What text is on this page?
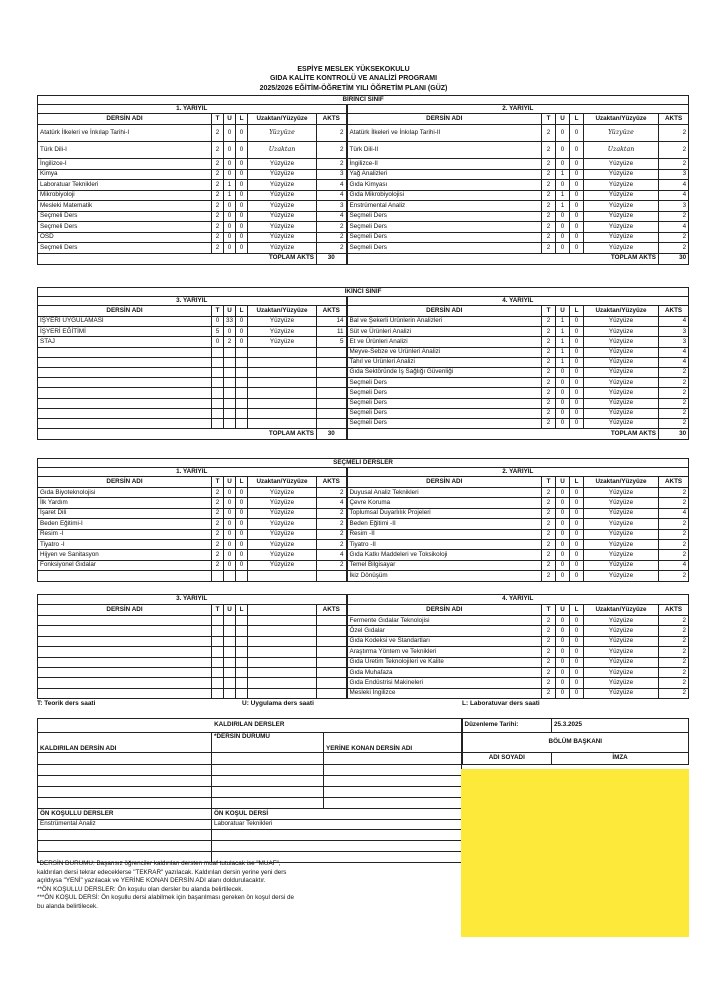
ESPİYE MESLEK YÜKSEKOKULU
GIDA KALİTE KONTROLÜ VE ANALİZİ PROGRAMI
2025/2026 EĞİTİM-ÖĞRETİM YILI ÖĞRETİM PLANI (GÜZ)
BİRİNCİ SINIF											
1. YARIYIL						2. YARIYIL					
DERSİN ADI	T	U	L	Uzaktan/Yüzyüze	AKTS	DERSİN ADI	T	U	L	Uzaktan/Yüzyüze	AKTS
Atatürk İlkeleri ve İnkılap Tarihi-I	2	0	0	Yüzyüze	2	Atatürk İlkeleri ve İnkılap Tarihi-II	2	0	0	Yüzyüze	2
Türk Dili-I	2	0	0	Uzaktan	2	Türk Dili-II	2	0	0	Uzaktan	2
İngilizce-I	2	0	0	Yüzyüze	2	İngilizce-II	2	0	0	Yüzyüze	2
Kimya	2	0	0	Yüzyüze	3	Yağ Analizleri	2	1	0	Yüzyüze	3
Laboratuar Teknikleri	2	1	0	Yüzyüze	4	Gıda Kimyası	2	0	0	Yüzyüze	4
Mikrobiyoloji	2	1	0	Yüzyüze	4	Gıda Mikrobiyolojisi	2	1	0	Yüzyüze	4
Mesleki Matematik	2	0	0	Yüzyüze	3	Enstrümental Analiz	2	1	0	Yüzyüze	3
Seçmeli Ders	2	0	0	Yüzyüze	4	Seçmeli Ders	2	0	0	Yüzyüze	2
Seçmeli Ders	2	0	0	Yüzyüze	2	Seçmeli Ders	2	0	0	Yüzyüze	4
OSD	2	0	0	Yüzyüze	2	Seçmeli Ders	2	0	0	Yüzyüze	2
Seçmeli Ders	2	0	0	Yüzyüze	2	Seçmeli Ders	2	0	0	Yüzyüze	2
TOPLAM AKTS					30	TOPLAM AKTS					30
İKİNCİ SINIF											
3. YARIYIL						4. YARIYIL					
DERSİN ADI	T	U	L	Uzaktan/Yüzyüze	AKTS	DERSİN ADI	T	U	L	Uzaktan/Yüzyüze	AKTS
İŞYERİ UYGULAMASI	0	33	0	Yüzyüze	14	Bal ve Şekerli Ürünlerin Analizleri	2	1	0	Yüzyüze	4
İŞYERİ EĞİTİMİ	5	0	0	Yüzyüze	11	Süt ve Ürünleri Analizi	2	1	0	Yüzyüze	3
STAJ	0	2	0	Yüzyüze	5	Et ve Ürünleri Analizi	2	1	0	Yüzyüze	3
						Meyve-Sebze ve Ürünleri Analizi	2	1	0	Yüzyüze	4
						Tahıl ve Ürünleri Analizi	2	1	0	Yüzyüze	4
						Gıda Sektöründe İş Sağlığı Güvenliği	2	0	0	Yüzyüze	2
						Seçmeli Ders	2	0	0	Yüzyüze	2
						Seçmeli Ders	2	0	0	Yüzyüze	2
						Seçmeli Ders	2	0	0	Yüzyüze	2
						Seçmeli Ders	2	0	0	Yüzyüze	2
						Seçmeli Ders	2	0	0	Yüzyüze	2
TOPLAM AKTS					30	TOPLAM AKTS					30
SEÇMELİ DERSLER											
1. YARIYIL						2. YARIYIL					
DERSİN ADI	T	U	L	Uzaktan/Yüzyüze	AKTS	DERSİN ADI	T	U	L	Uzaktan/Yüzyüze	AKTS
Gıda Biyoteknolojisi	2	0	0	Yüzyüze	2	Duyusal Analiz Teknikleri	2	0	0	Yüzyüze	2
İlk Yardım	2	0	0	Yüzyüze	4	Çevre Koruma	2	0	0	Yüzyüze	2
İşaret Dili	2	0	0	Yüzyüze	2	Toplumsal Duyarlılık Projeleri	2	0	0	Yüzyüze	4
Beden Eğitimi-I	2	0	0	Yüzyüze	2	Beden Eğitimi -II	2	0	0	Yüzyüze	2
Resim -I	2	0	0	Yüzyüze	2	Resim -II	2	0	0	Yüzyüze	2
Tiyatro -I	2	0	0	Yüzyüze	2	Tiyatro -II	2	0	0	Yüzyüze	2
Hijyen ve Sanitasyon	2	0	0	Yüzyüze	4	Gıda Katkı Maddeleri ve Toksikoloji	2	0	0	Yüzyüze	2
Fonksiyonel Gıdalar	2	0	0	Yüzyüze	2	Temel Bilgisayar	2	0	0	Yüzyüze	4
						İkiz Dönüşüm	2	0	0	Yüzyüze	2
3. YARIYIL						4. YARIYIL					
DERSİN ADI	T	U	L		AKTS	DERSİN ADI	T	U	L	Uzaktan/Yüzyüze	AKTS
						Fermente Gıdalar Teknolojisi	2	0	0	Yüzyüze	2
						Özel Gıdalar	2	0	0	Yüzyüze	2
						Gıda Kodeksi ve Standartları	2	0	0	Yüzyüze	2
						Araştırma Yöntem ve Teknikleri	2	0	0	Yüzyüze	2
						Gıda Üretim Teknolojileri ve Kalite	2	0	0	Yüzyüze	2
						Gıda Muhafaza	2	0	0	Yüzyüze	2
						Gıda Endüstrisi Makineleri	2	0	0	Yüzyüze	2
						Mesleki İngilizce	2	0	0	Yüzyüze	2
T: Teorik ders saati	U: Uygulama ders saati	L: Laboratuvar ders saati
KALDIRILAN DERSLER			Düzenleme Tarihi:	25.3.2025
KALDIRILAN DERSİN ADI	*DERSİN DURUMU	YERİNE KONAN DERSİN ADI	BÖLÜM BAŞKANI	
			ADI SOYADI	İMZA

ÖN KOŞULLU DERSLER	ÖN KOŞUL DERSİ			
Enstrümental Analiz	Laboratuar Teknikleri			

*DERSİN DURUMU: Başarısız öğrenciler kaldırılan dersten muaf tutulacak ise "MUAF",
kaldırılan dersi tekrar edeceklerse "TEKRAR" yazılacak. Kaldırılan dersin yerine yeni ders
açıldıysa "YENİ" yazılacak ve YERİNE KONAN DERSİN ADI alanı doldurulacaktır.
**ÖN KOŞULLU DERSLER: Ön koşulu olan dersler bu alanda belirtilecek.
***ÖN KOŞUL DERSİ: Ön koşullu dersi alabilmek için başarılması gereken ön koşul dersi de
bu alanda belirtilecek.
